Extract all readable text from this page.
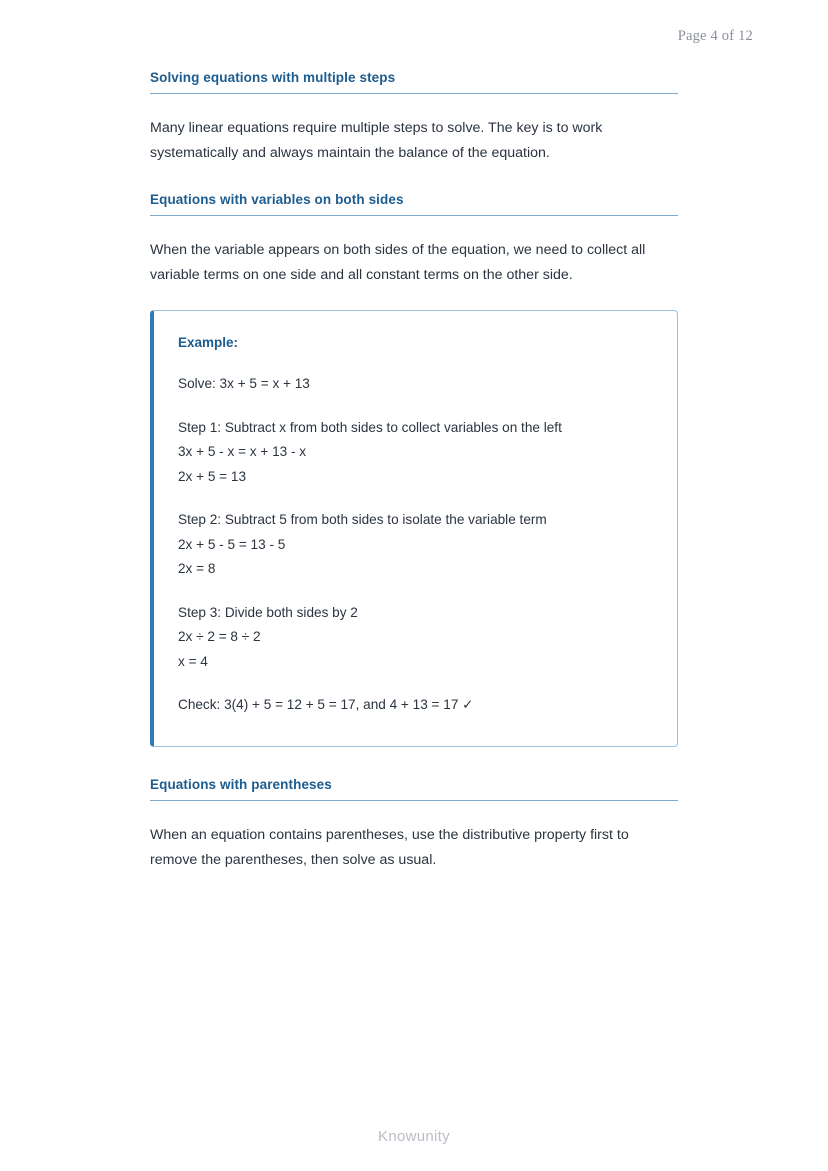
Page 4 of 12
Solving equations with multiple steps

Many linear equations require multiple steps to solve. The key is to work systematically and always maintain the balance of the equation.

Equations with variables on both sides

When the variable appears on both sides of the equation, we need to collect all variable terms on one side and all constant terms on the other side.

Example:

Solve: 3x + 5 = x + 13

Step 1: Subtract x from both sides to collect variables on the left

3x + 5 - x = x + 13 - x

2x + 5 = 13

Step 2: Subtract 5 from both sides to isolate the variable term

2x + 5 - 5 = 13 - 5

2x = 8

Step 3: Divide both sides by 2

2x ÷ 2 = 8 ÷ 2

x = 4

Check: 3(4) + 5 = 12 + 5 = 17, and 4 + 13 = 17 ✓

Equations with parentheses

When an equation contains parentheses, use the distributive property first to remove the parentheses, then solve as usual.

Knowunity
